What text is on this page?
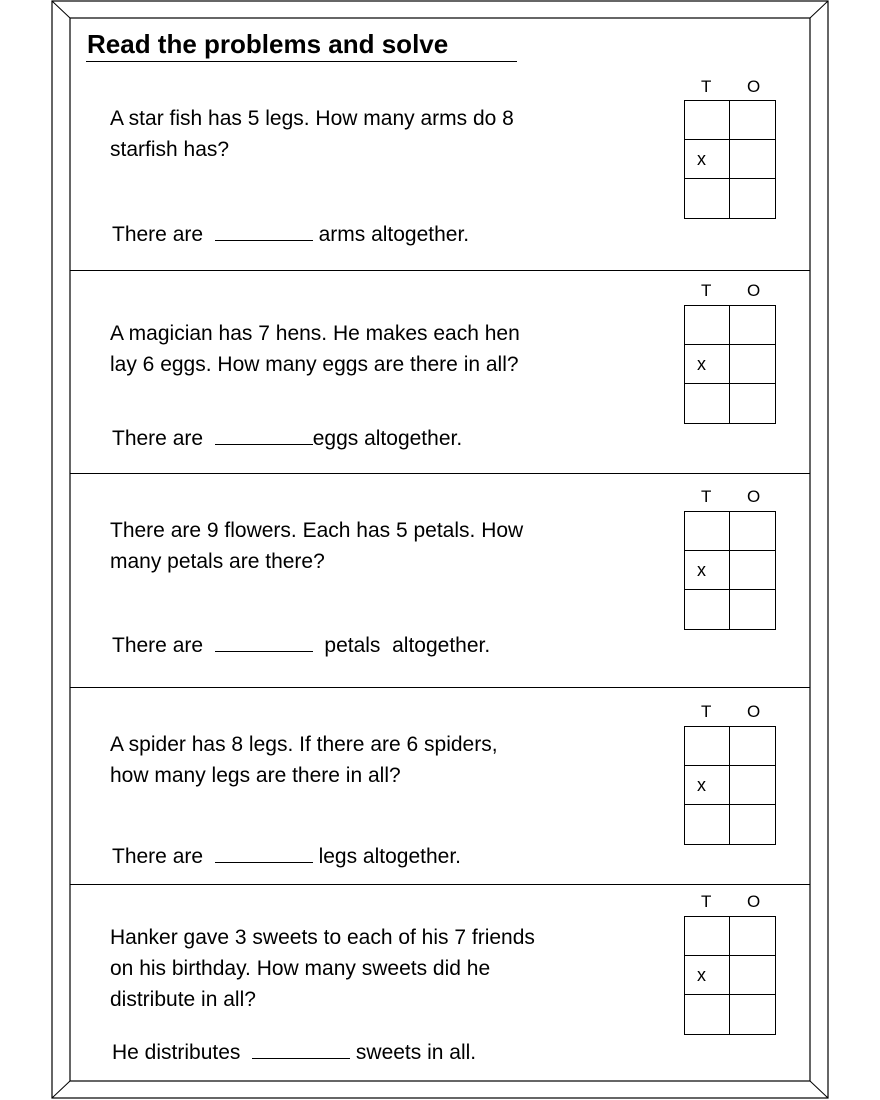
Read the problems and solve

A star fish has 5 legs. How many arms do 8
starfish has?

There are	arms altogether.

T O
x

A magician has 7 hens. He makes each hen
lay 6 eggs. How many eggs are there in all?

There are	eggs altogether.

T O
x

There are 9 flowers. Each has 5 petals. How
many petals are there?

There are	petals  altogether.

T O
x

A spider has 8 legs. If there are 6 spiders,
how many legs are there in all?

There are	legs altogether.

T O
x

Hanker gave 3 sweets to each of his 7 friends
on his birthday. How many sweets did he
distribute in all?

He distributes	sweets in all.

T O
x
